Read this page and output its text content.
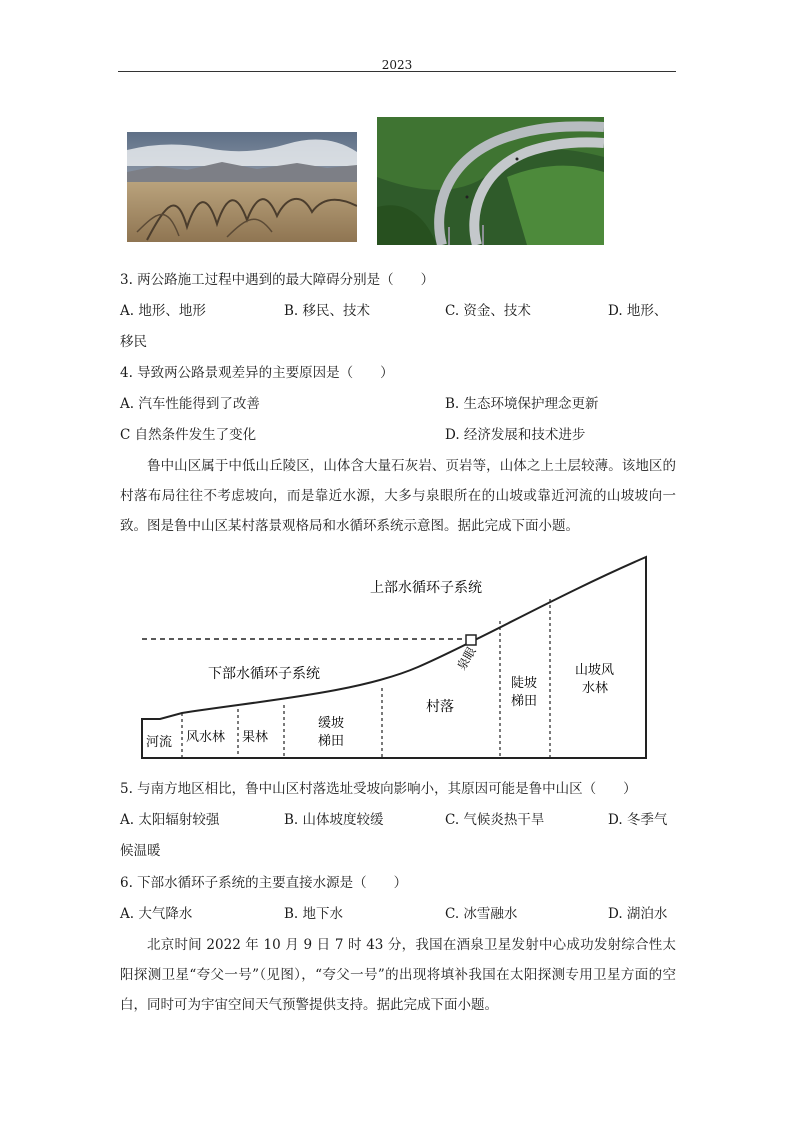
2023
3. 两公路施工过程中遇到的最大障碍分别是（　　）
A. 地形、地形	B. 移民、技术	C. 资金、技术	D. 地形、
移民
4. 导致两公路景观差异的主要原因是（　　）
A. 汽车性能得到了改善	B. 生态环境保护理念更新
C 自然条件发生了变化	D. 经济发展和技术进步
鲁中山区属于中低山丘陵区，山体含大量石灰岩、页岩等，山体之上土层较薄。该地区的村落布局往往不考虑坡向，而是靠近水源，大多与泉眼所在的山坡或靠近河流的山坡坡向一致。图是鲁中山区某村落景观格局和水循环系统示意图。据此完成下面小题。
上部水循环子系统
下部水循环子系统
泉眼
河流 风水林 果林
缓坡
梯田
村落
陡坡
梯田
山坡风
水林
5. 与南方地区相比，鲁中山区村落选址受坡向影响小，其原因可能是鲁中山区（　　）
A. 太阳辐射较强	B. 山体坡度较缓	C. 气候炎热干旱	D. 冬季气
候温暖
6. 下部水循环子系统的主要直接水源是（　　）
A. 大气降水	B. 地下水	C. 冰雪融水	D. 湖泊水
北京时间 2022 年 10 月 9 日 7 时 43 分，我国在酒泉卫星发射中心成功发射综合性太阳探测卫星“夸父一号”（见图），“夸父一号”的出现将填补我国在太阳探测专用卫星方面的空白，同时可为宇宙空间天气预警提供支持。据此完成下面小题。
